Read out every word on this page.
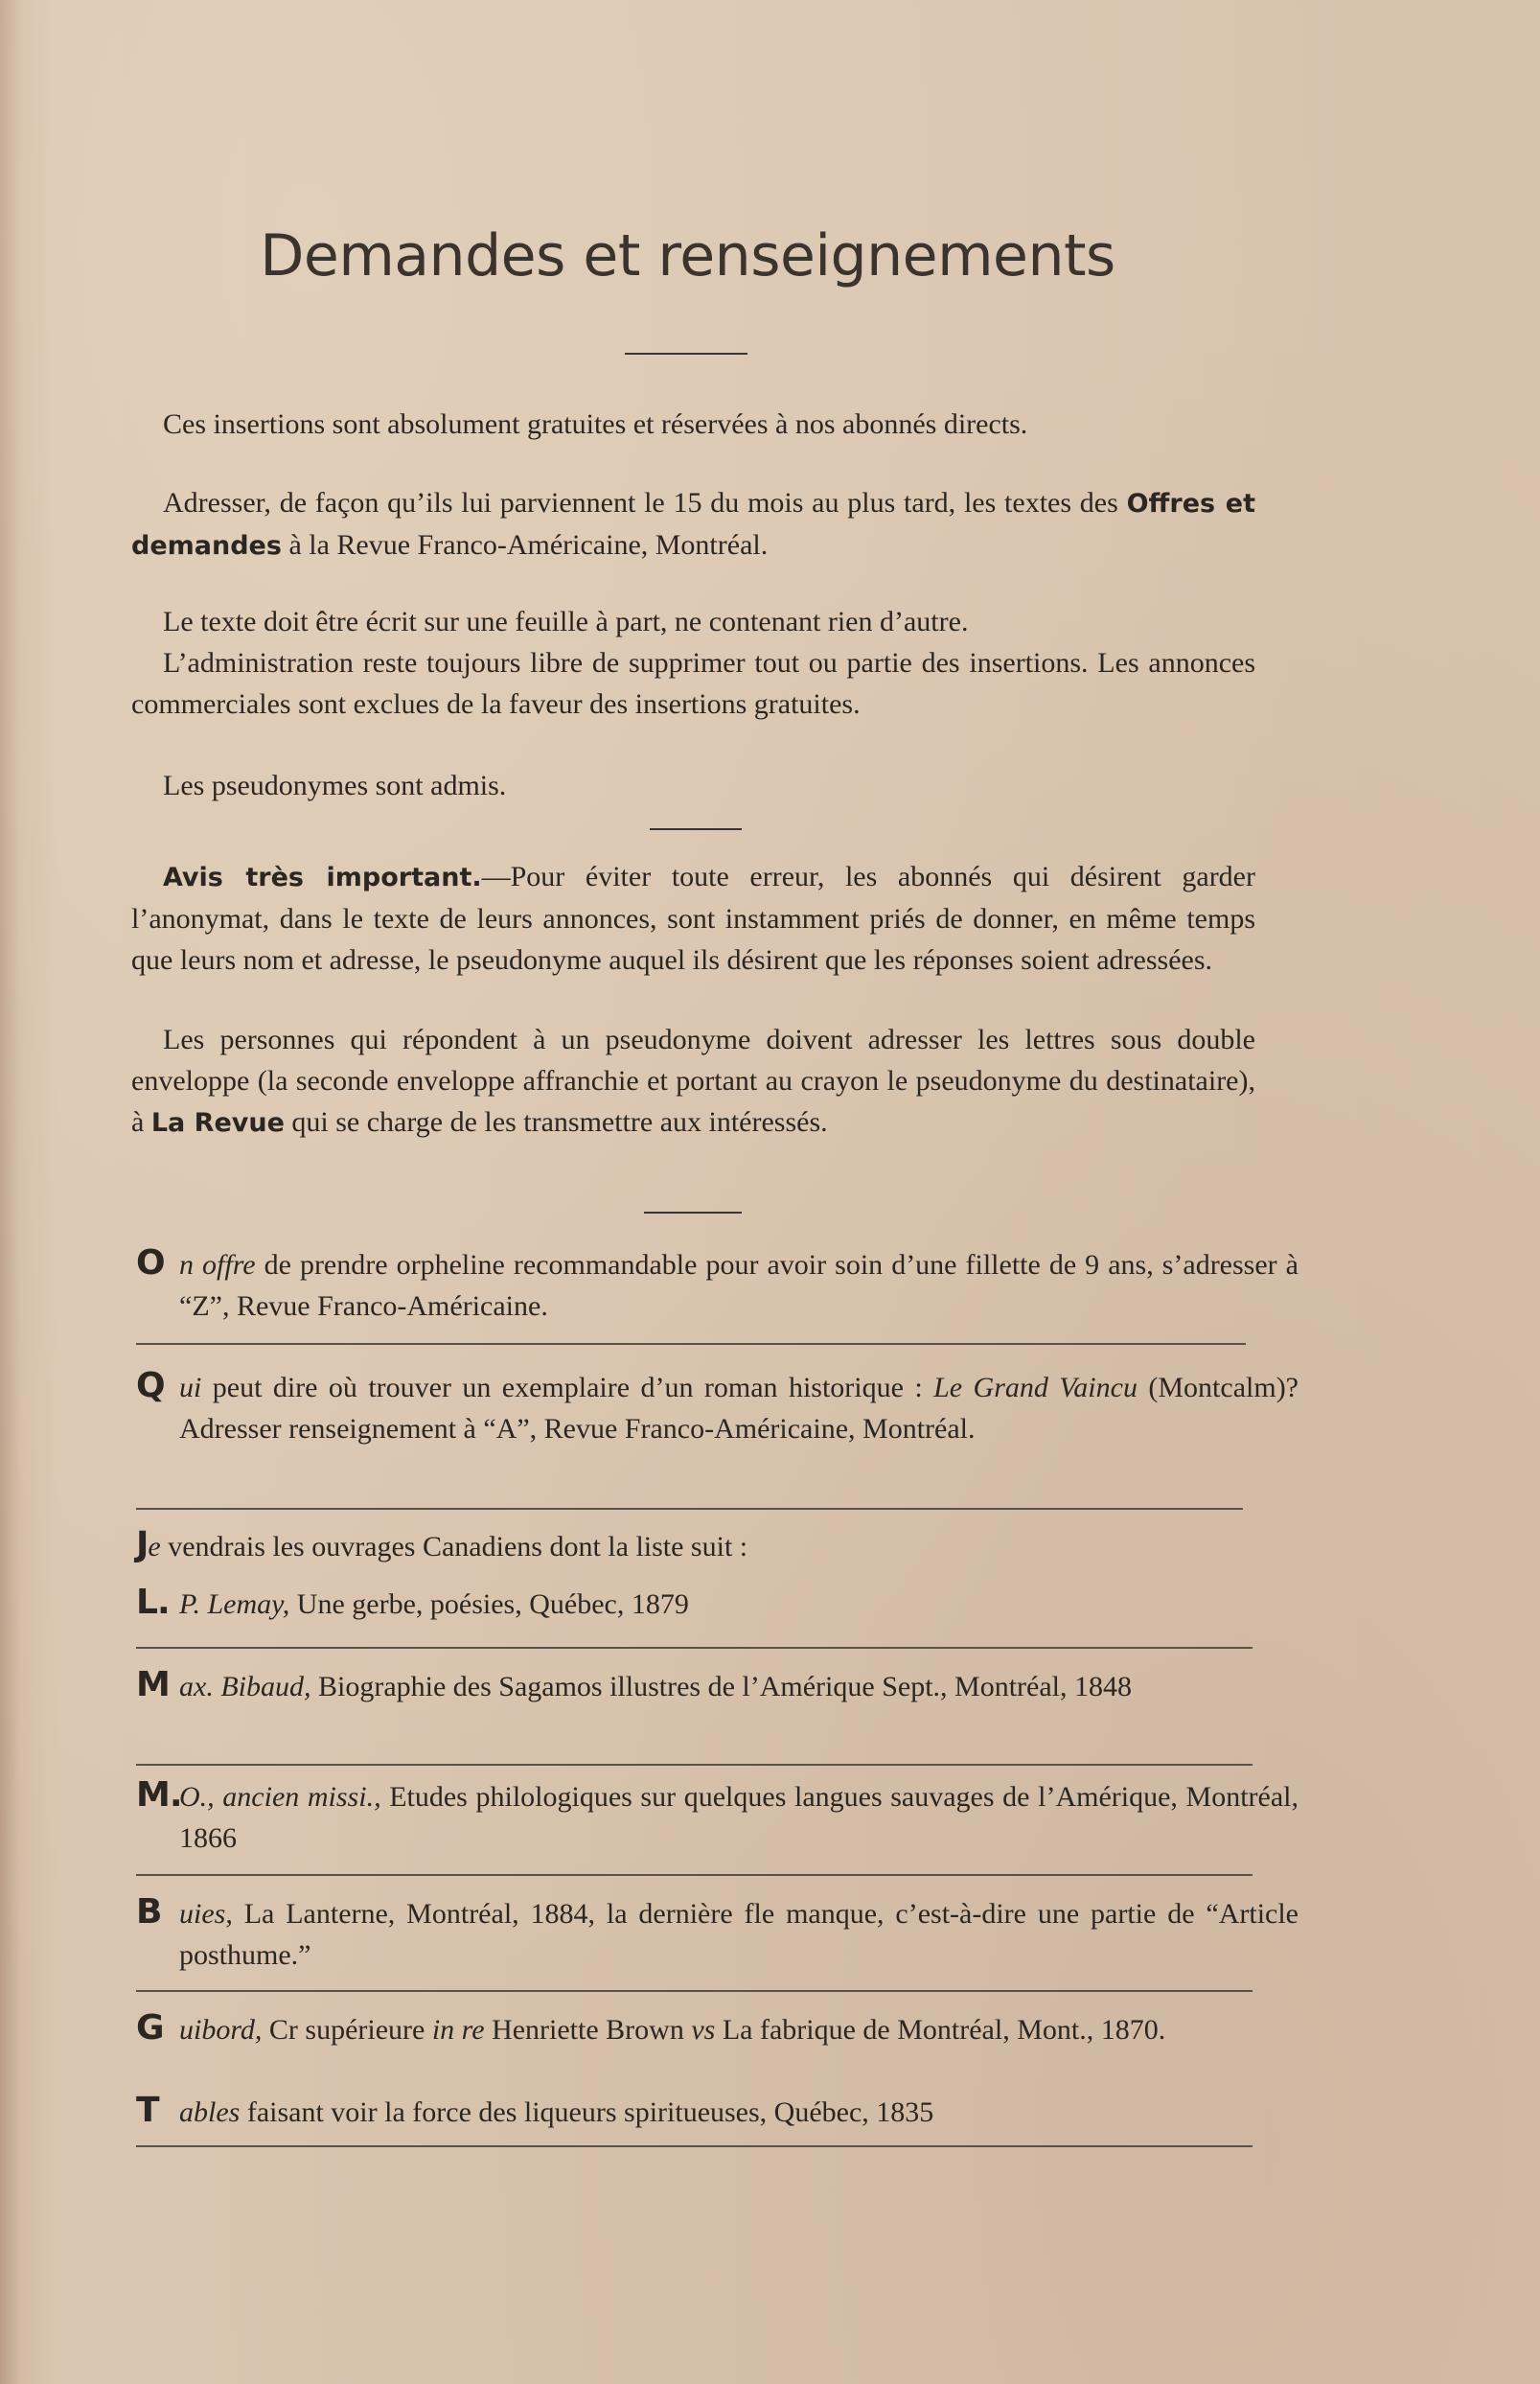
Demandes et renseignements

Ces insertions sont absolument gratuites et réservées à nos abonnés directs.

Adresser, de façon qu’ils lui parviennent le 15 du mois au plus tard, les textes des Offres et demandes à la Revue Franco-Américaine, Montréal.

Le texte doit être écrit sur une feuille à part, ne contenant rien d’autre.

L’administration reste toujours libre de supprimer tout ou partie des insertions. Les annonces commerciales sont exclues de la faveur des insertions gratuites.

Les pseudonymes sont admis.

Avis très important.—Pour éviter toute erreur, les abonnés qui désirent garder l’anonymat, dans le texte de leurs annonces, sont instamment priés de donner, en même temps que leurs nom et adresse, le pseudonyme auquel ils désirent que les réponses soient adressées.

Les personnes qui répondent à un pseudonyme doivent adresser les lettres sous double enveloppe (la seconde enveloppe affranchie et portant au crayon le pseudonyme du destinataire), à La Revue qui se charge de les transmettre aux intéressés.

O n offre de prendre orpheline recommandable pour avoir soin d’une fillette de 9 ans, s’adresser à “Z”, Revue Franco-Américaine.

Q ui peut dire où trouver un exemplaire d’un roman historique : Le Grand Vaincu (Montcalm)? Adresser renseignement à “A”, Revue Franco-Américaine, Montréal.

Je vendrais les ouvrages Canadiens dont la liste suit :

L. P. Lemay, Une gerbe, poésies, Québec, 1879

M ax. Bibaud, Biographie des Sagamos illustres de l’Amérique Sept., Montréal, 1848

M.O., ancien missi., Etudes philologiques sur quelques langues sauvages de l’Amérique, Montréal, 1866

B uies, La Lanterne, Montréal, 1884, la dernière fle manque, c’est-à-dire une partie de “Article posthume.”

G uibord, Cr supérieure in re Henriette Brown vs La fabrique de Montréal, Mont., 1870.

T ables faisant voir la force des liqueurs spiritueuses, Québec, 1835
